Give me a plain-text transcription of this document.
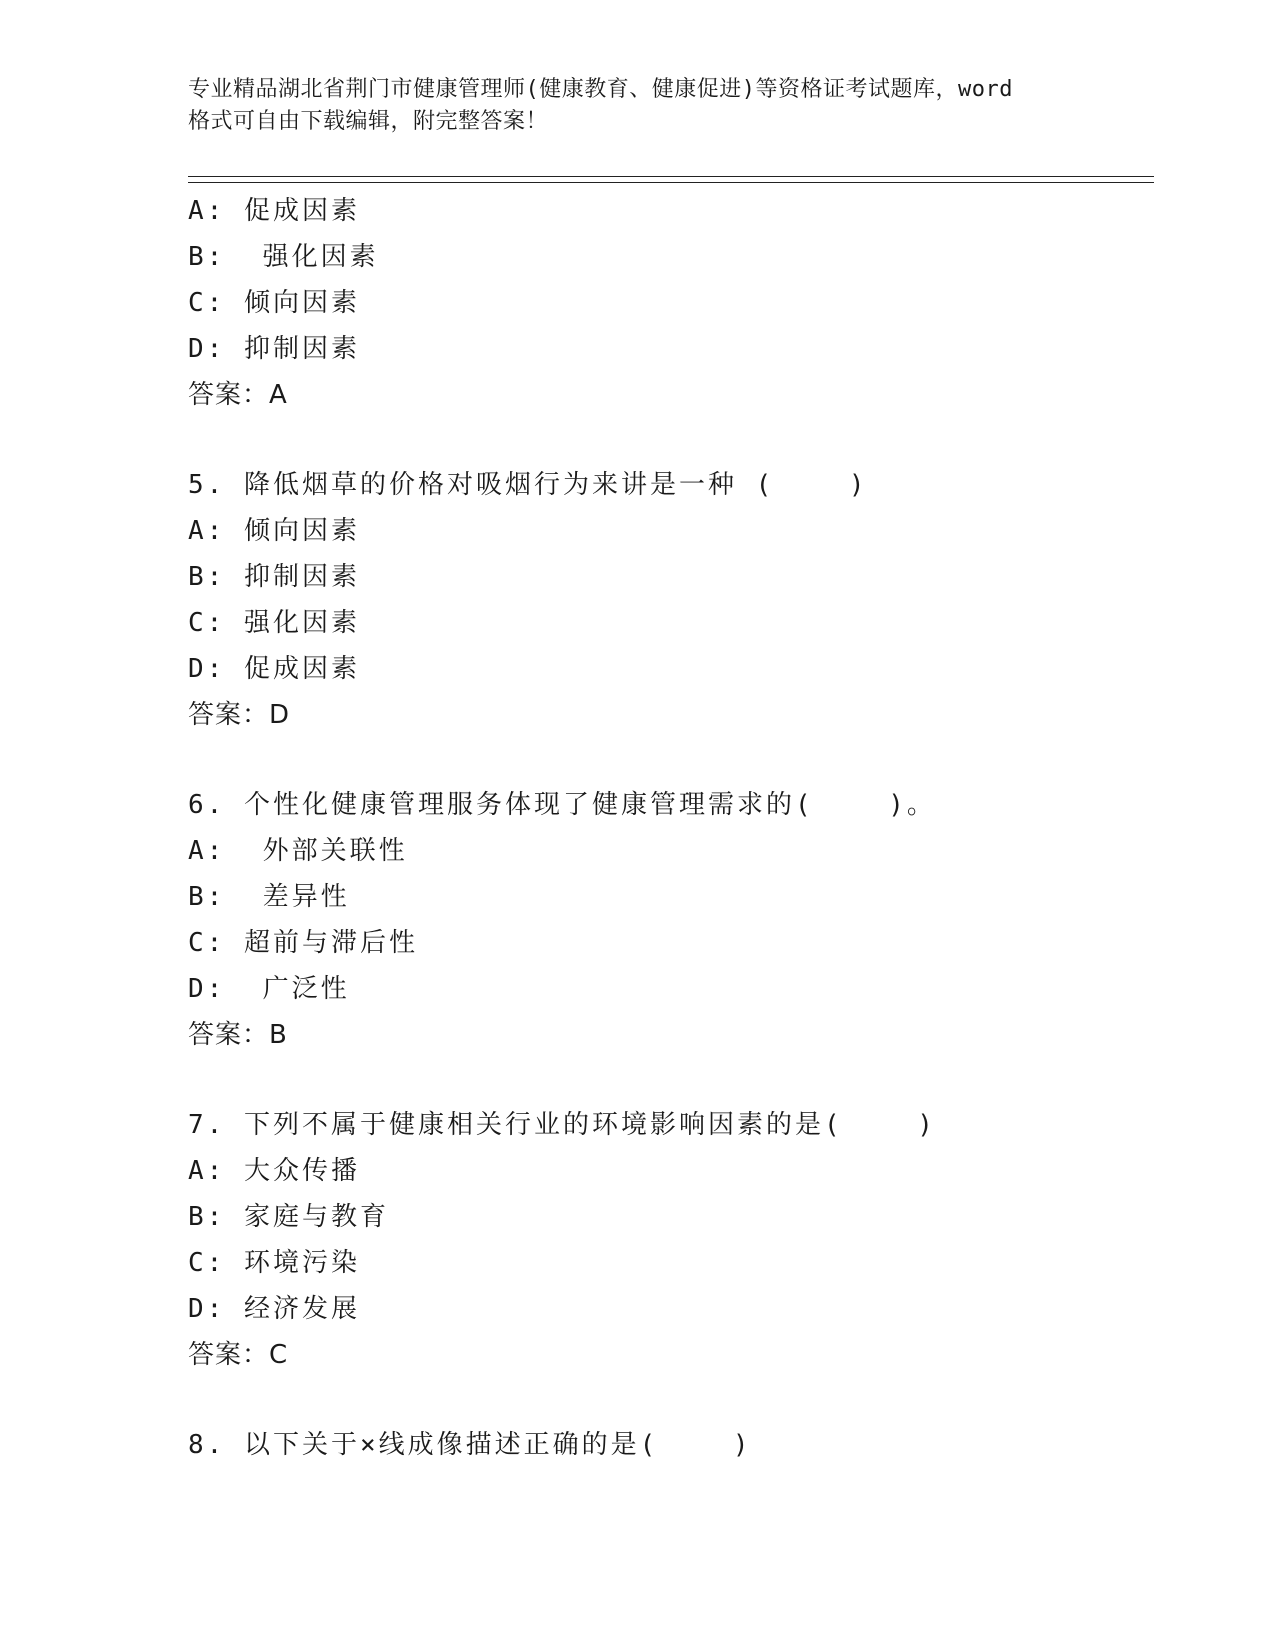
专业精品湖北省荆门市健康管理师(健康教育、健康促进)等资格证考试题库，word
格式可自由下载编辑，附完整答案！
A: 促成因素
B:  强化因素
C: 倾向因素
D: 抑制因素
答案：A
5. 降低烟草的价格对吸烟行为来讲是一种 (    )
A: 倾向因素
B: 抑制因素
C: 强化因素
D: 促成因素
答案：D
6. 个性化健康管理服务体现了健康管理需求的(    )。
A:  外部关联性
B:  差异性
C: 超前与滞后性
D:  广泛性
答案：B
7. 下列不属于健康相关行业的环境影响因素的是(    )
A: 大众传播
B: 家庭与教育
C: 环境污染
D: 经济发展
答案：C
8. 以下关于×线成像描述正确的是(    )
